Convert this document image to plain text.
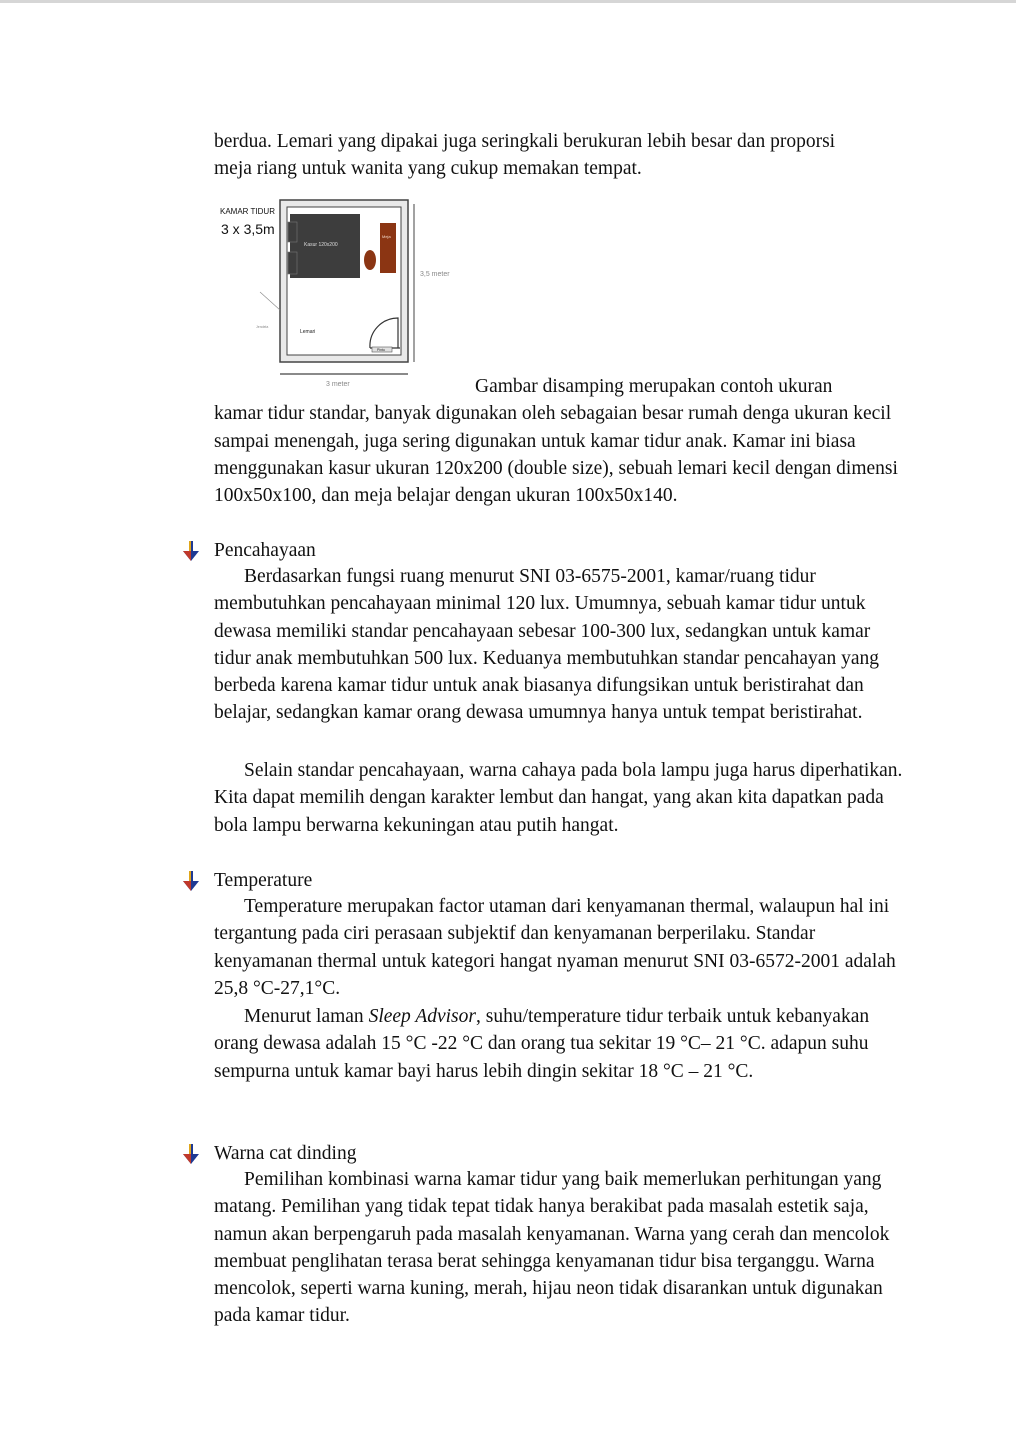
berdua. Lemari yang dipakai juga seringkali berukuran lebih besar dan proporsi
meja riang untuk wanita yang cukup memakan tempat.

KAMAR TIDUR
3 x 3,5m
Kasur 120x200
Meja
Lemari
Pintu
Jendela
3,5 meter
3 meter	Gambar disamping merupakan contoh ukuran
kamar tidur standar, banyak digunakan oleh sebagaian besar rumah denga ukuran kecil sampai menengah, juga sering digunakan untuk kamar tidur anak. Kamar ini biasa menggunakan kasur ukuran 120x200 (double size), sebuah lemari kecil dengan dimensi 100x50x100, dan meja belajar dengan ukuran 100x50x140.

Pencahayaan

Berdasarkan fungsi ruang menurut SNI 03-6575-2001, kamar/ruang tidur membutuhkan pencahayaan minimal 120 lux. Umumnya, sebuah kamar tidur untuk dewasa memiliki standar pencahayaan sebesar 100-300 lux, sedangkan untuk kamar tidur anak membutuhkan 500 lux. Keduanya membutuhkan standar pencahayan yang berbeda karena kamar tidur untuk anak biasanya difungsikan untuk beristirahat dan belajar, sedangkan kamar orang dewasa umumnya hanya untuk tempat beristirahat.

Selain standar pencahayaan, warna cahaya pada bola lampu juga harus diperhatikan. Kita dapat memilih dengan karakter lembut dan hangat, yang akan kita dapatkan pada bola lampu berwarna kekuningan atau putih hangat.

Temperature

Temperature merupakan factor utaman dari kenyamanan thermal, walaupun hal ini tergantung pada ciri perasaan subjektif dan kenyamanan berperilaku. Standar kenyamanan thermal untuk kategori hangat nyaman menurut SNI 03-6572-2001 adalah 25,8 °C-27,1°C.

Menurut laman Sleep Advisor, suhu/temperature tidur terbaik untuk kebanyakan orang dewasa adalah 15 °C -22 °C dan orang tua sekitar 19 °C– 21 °C. adapun suhu sempurna untuk kamar bayi harus lebih dingin sekitar 18 °C – 21 °C.

Warna cat dinding

Pemilihan kombinasi warna kamar tidur yang baik memerlukan perhitungan yang matang. Pemilihan yang tidak tepat tidak hanya berakibat pada masalah estetik saja, namun akan berpengaruh pada masalah kenyamanan. Warna yang cerah dan mencolok membuat penglihatan terasa berat sehingga kenyamanan tidur bisa terganggu. Warna mencolok, seperti warna kuning, merah, hijau neon tidak disarankan untuk digunakan pada kamar tidur.
